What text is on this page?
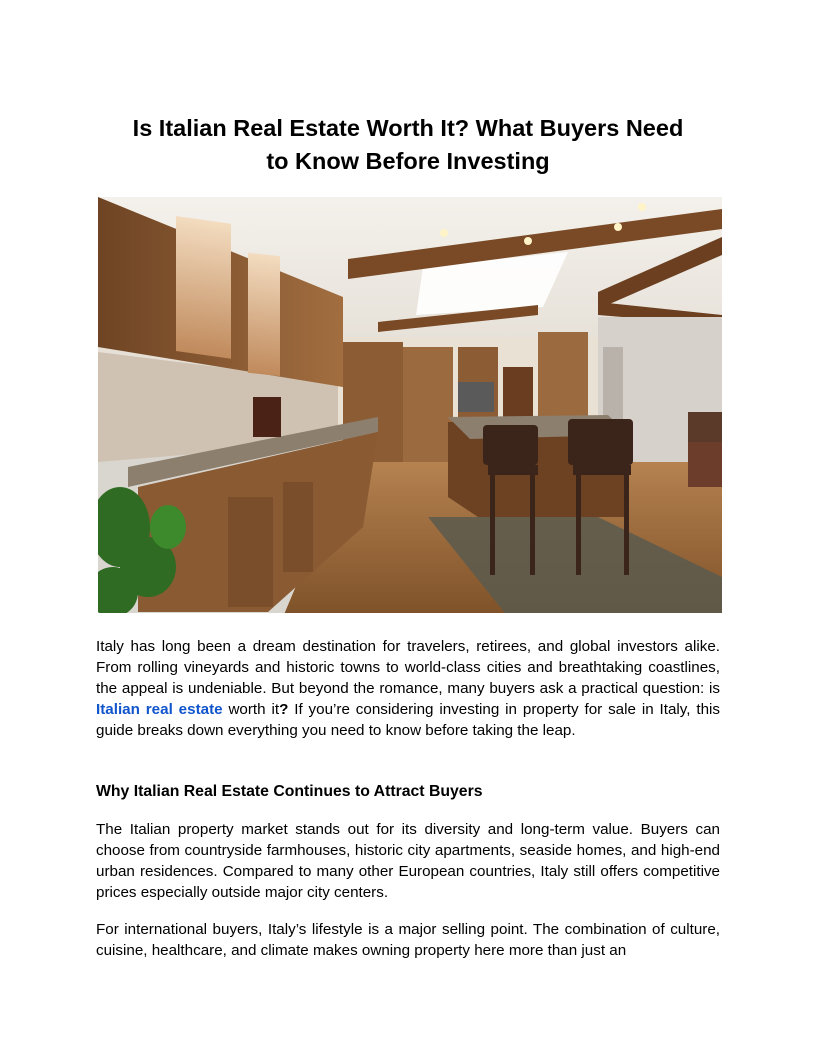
Is Italian Real Estate Worth It? What Buyers Need
to Know Before Investing

Italy has long been a dream destination for travelers, retirees, and global investors alike. From rolling vineyards and historic towns to world-class cities and breathtaking coastlines, the appeal is undeniable. But beyond the romance, many buyers ask a practical question: is Italian real estate worth it? If you’re considering investing in property for sale in Italy, this guide breaks down everything you need to know before taking the leap.

Why Italian Real Estate Continues to Attract Buyers

The Italian property market stands out for its diversity and long-term value. Buyers can choose from countryside farmhouses, historic city apartments, seaside homes, and high-end urban residences. Compared to many other European countries, Italy still offers competitive prices especially outside major city centers.

For international buyers, Italy’s lifestyle is a major selling point. The combination of culture, cuisine, healthcare, and climate makes owning property here more than just an
